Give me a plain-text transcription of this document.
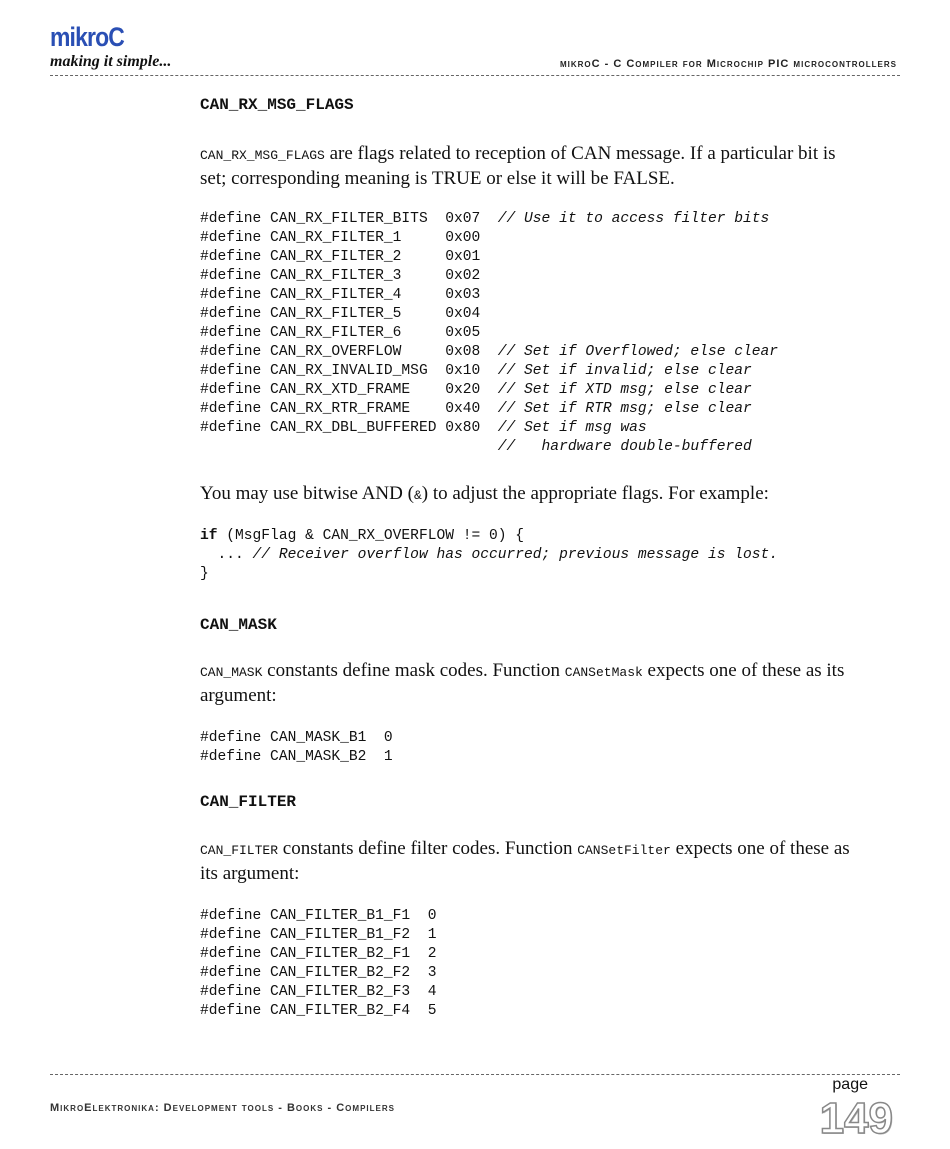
mikroC
making it simple...	mikroC - C Compiler for Microchip PIC microcontrollers
CAN_RX_MSG_FLAGS
CAN_RX_MSG_FLAGS are flags related to reception of CAN message. If a particular bit is set; corresponding meaning is TRUE or else it will be FALSE.
#define CAN_RX_FILTER_BITS  0x07  // Use it to access filter bits
#define CAN_RX_FILTER_1     0x00
#define CAN_RX_FILTER_2     0x01
#define CAN_RX_FILTER_3     0x02
#define CAN_RX_FILTER_4     0x03
#define CAN_RX_FILTER_5     0x04
#define CAN_RX_FILTER_6     0x05
#define CAN_RX_OVERFLOW     0x08  // Set if Overflowed; else clear
#define CAN_RX_INVALID_MSG  0x10  // Set if invalid; else clear
#define CAN_RX_XTD_FRAME    0x20  // Set if XTD msg; else clear
#define CAN_RX_RTR_FRAME    0x40  // Set if RTR msg; else clear
#define CAN_RX_DBL_BUFFERED 0x80  // Set if msg was
//   hardware double-buffered
You may use bitwise AND (&) to adjust the appropriate flags. For example:
if (MsgFlag & CAN_RX_OVERFLOW != 0) {
... // Receiver overflow has occurred; previous message is lost.
}
CAN_MASK
CAN_MASK constants define mask codes. Function CANSetMask expects one of these as its argument:
#define CAN_MASK_B1  0
#define CAN_MASK_B2  1
CAN_FILTER
CAN_FILTER constants define filter codes. Function CANSetFilter expects one of these as its argument:
#define CAN_FILTER_B1_F1  0
#define CAN_FILTER_B1_F2  1
#define CAN_FILTER_B2_F1  2
#define CAN_FILTER_B2_F2  3
#define CAN_FILTER_B2_F3  4
#define CAN_FILTER_B2_F4  5
MikroElektronika: Development tools - Books - Compilers
page
149
